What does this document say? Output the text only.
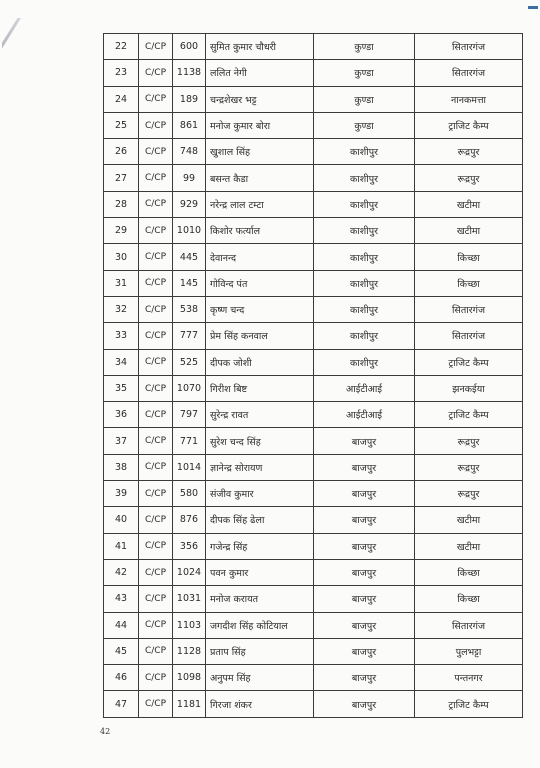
22	C/CP	600	सुमित कुमार चौधरी	कुण्डा	सितारगंज
23	C/CP	1138	ललित नेगी	कुण्डा	सितारगंज
24	C/CP	189	चन्द्रशेखर भट्ट	कुण्डा	नानकमत्ता
25	C/CP	861	मनोज कुमार बोरा	कुण्डा	ट्राजिट कैम्प
26	C/CP	748	खुशाल सिंह	काशीपुर	रूद्रपुर
27	C/CP	99	बसन्त कैडा	काशीपुर	रूद्रपुर
28	C/CP	929	नरेन्द्र लाल टम्टा	काशीपुर	खटीमा
29	C/CP	1010	किशोर फर्त्याल	काशीपुर	खटीमा
30	C/CP	445	देवानन्द	काशीपुर	किच्छा
31	C/CP	145	गोविन्द पंत	काशीपुर	किच्छा
32	C/CP	538	कृष्ण चन्द	काशीपुर	सितारगंज
33	C/CP	777	प्रेम सिंह कनवाल	काशीपुर	सितारगंज
34	C/CP	525	दीपक जोशी	काशीपुर	ट्राजिट कैम्प
35	C/CP	1070	गिरीश बिष्ट	आईटीआई	झनकईया
36	C/CP	797	सुरेन्द्र रावत	आईटीआई	ट्राजिट कैम्प
37	C/CP	771	सुरेश चन्द सिंह	बाजपुर	रूद्रपुर
38	C/CP	1014	ज्ञानेन्द्र सोरायण	बाजपुर	रूद्रपुर
39	C/CP	580	संजीव कुमार	बाजपुर	रूद्रपुर
40	C/CP	876	दीपक सिंह ढेला	बाजपुर	खटीमा
41	C/CP	356	गजेन्द्र सिंह	बाजपुर	खटीमा
42	C/CP	1024	पवन कुमार	बाजपुर	किच्छा
43	C/CP	1031	मनोज करायत	बाजपुर	किच्छा
44	C/CP	1103	जगदीश सिंह कोटियाल	बाजपुर	सितारगंज
45	C/CP	1128	प्रताप सिंह	बाजपुर	पुलभट्टा
46	C/CP	1098	अनुपम सिंह	बाजपुर	पन्तनगर
47	C/CP	1181	गिरजा शंकर	बाजपुर	ट्राजिट कैम्प
42
